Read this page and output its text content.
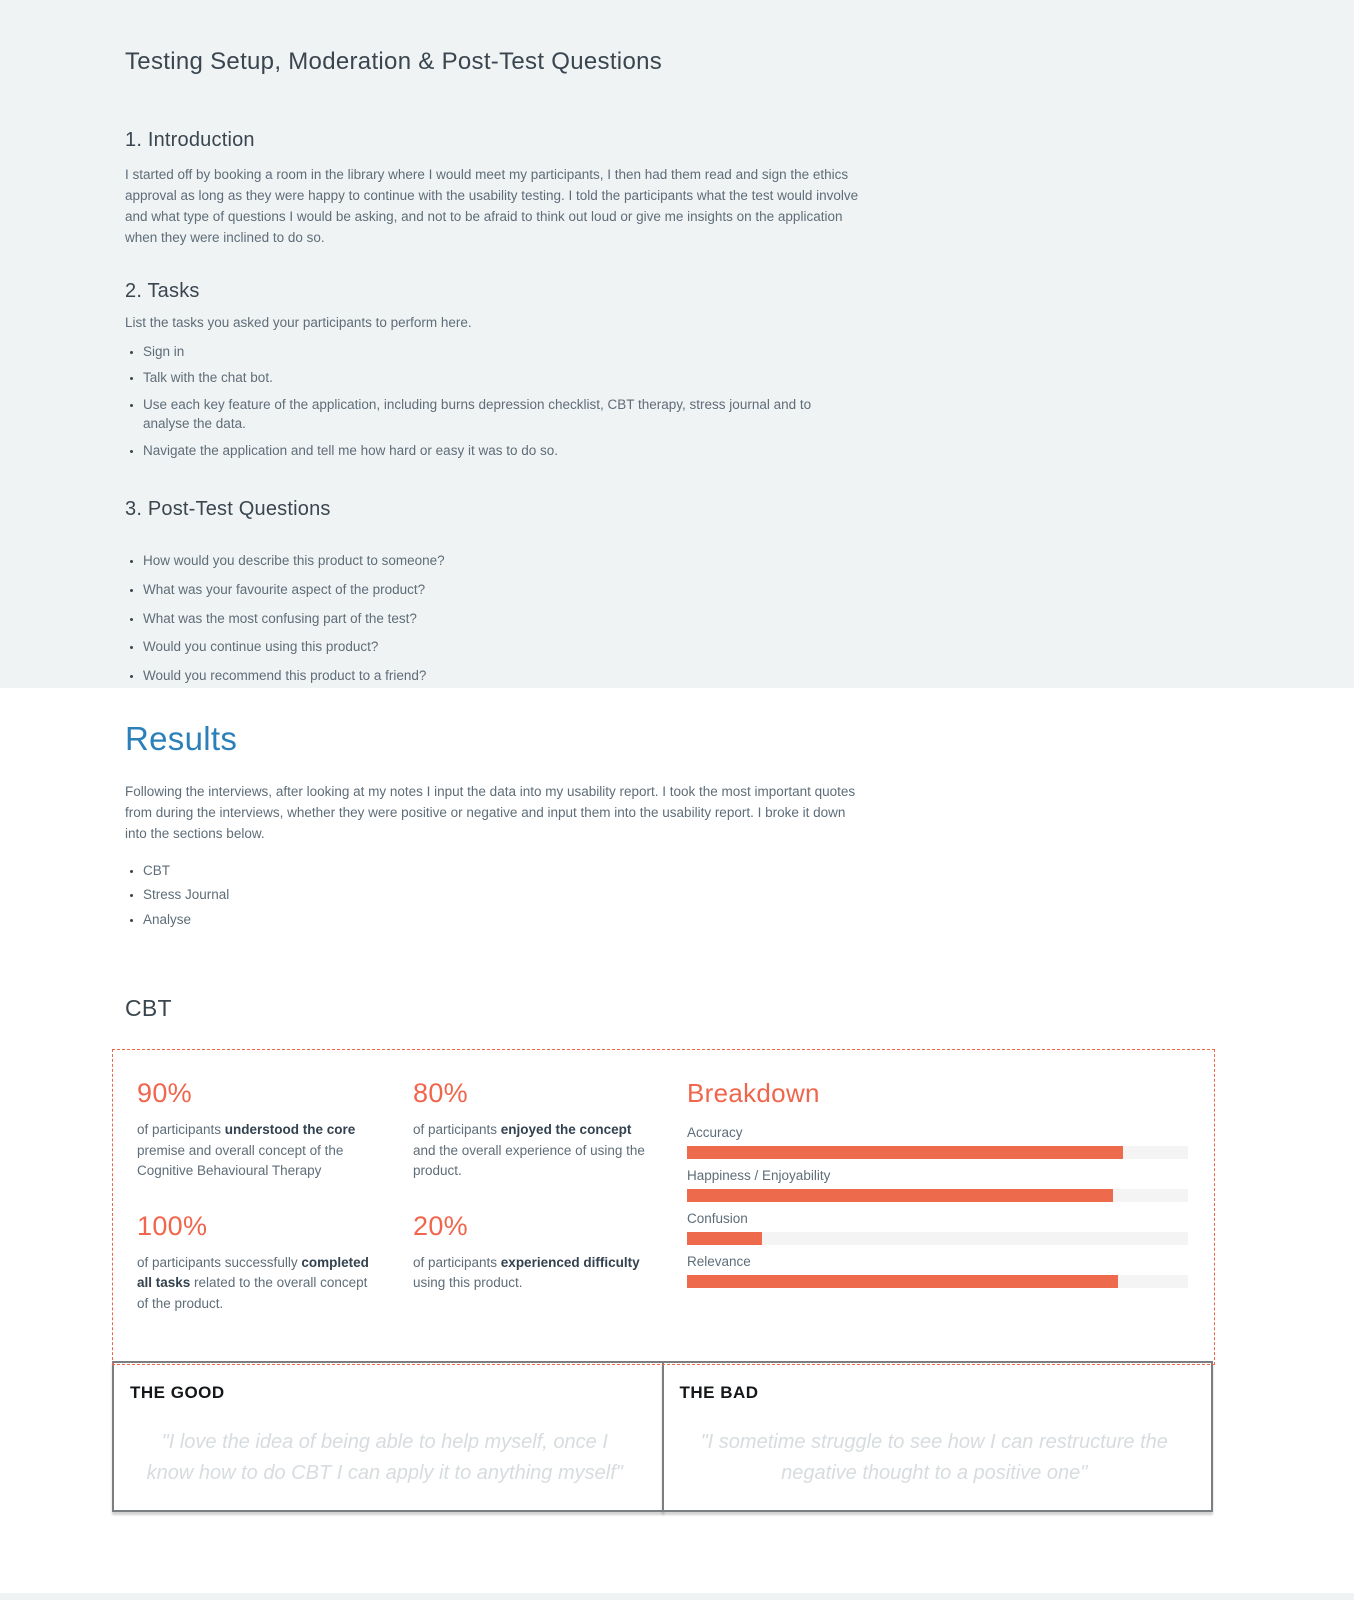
Testing Setup, Moderation & Post-Test Questions
1. Introduction

I started off by booking a room in the library where I would meet my participants, I then had them read and sign the ethics approval as long as they were happy to continue with the usability testing. I told the participants what the test would involve and what type of questions I would be asking, and not to be afraid to think out loud or give me insights on the application when they were inclined to do so.

2. Tasks

List the tasks you asked your participants to perform here.

• Sign in
• Talk with the chat bot.
• Use each key feature of the application, including burns depression checklist, CBT therapy, stress journal and to analyse the data.
• Navigate the application and tell me how hard or easy it was to do so.
3. Post-Test Questions
• How would you describe this product to someone?
• What was your favourite aspect of the product?
• What was the most confusing part of the test?
• Would you continue using this product?
• Would you recommend this product to a friend?
Results

Following the interviews, after looking at my notes I input the data into my usability report. I took the most important quotes from during the interviews, whether they were positive or negative and input them into the usability report. I broke it down into the sections below.

• CBT
• Stress Journal
• Analyse
CBT
90%

of participants understood the core premise and overall concept of the Cognitive Behavioural Therapy

80%

of participants enjoyed the concept and the overall experience of using the product.

100%

of participants successfully completed all tasks related to the overall concept of the product.

20%

of participants experienced difficulty using this product.

Breakdown
Accuracy
Happiness / Enjoyability
Confusion
Relevance
THE GOOD

"I love the idea of being able to help myself, once I know how to do CBT I can apply it to anything myself"

THE BAD

"I sometime struggle to see how I can restructure the negative thought to a positive one"
